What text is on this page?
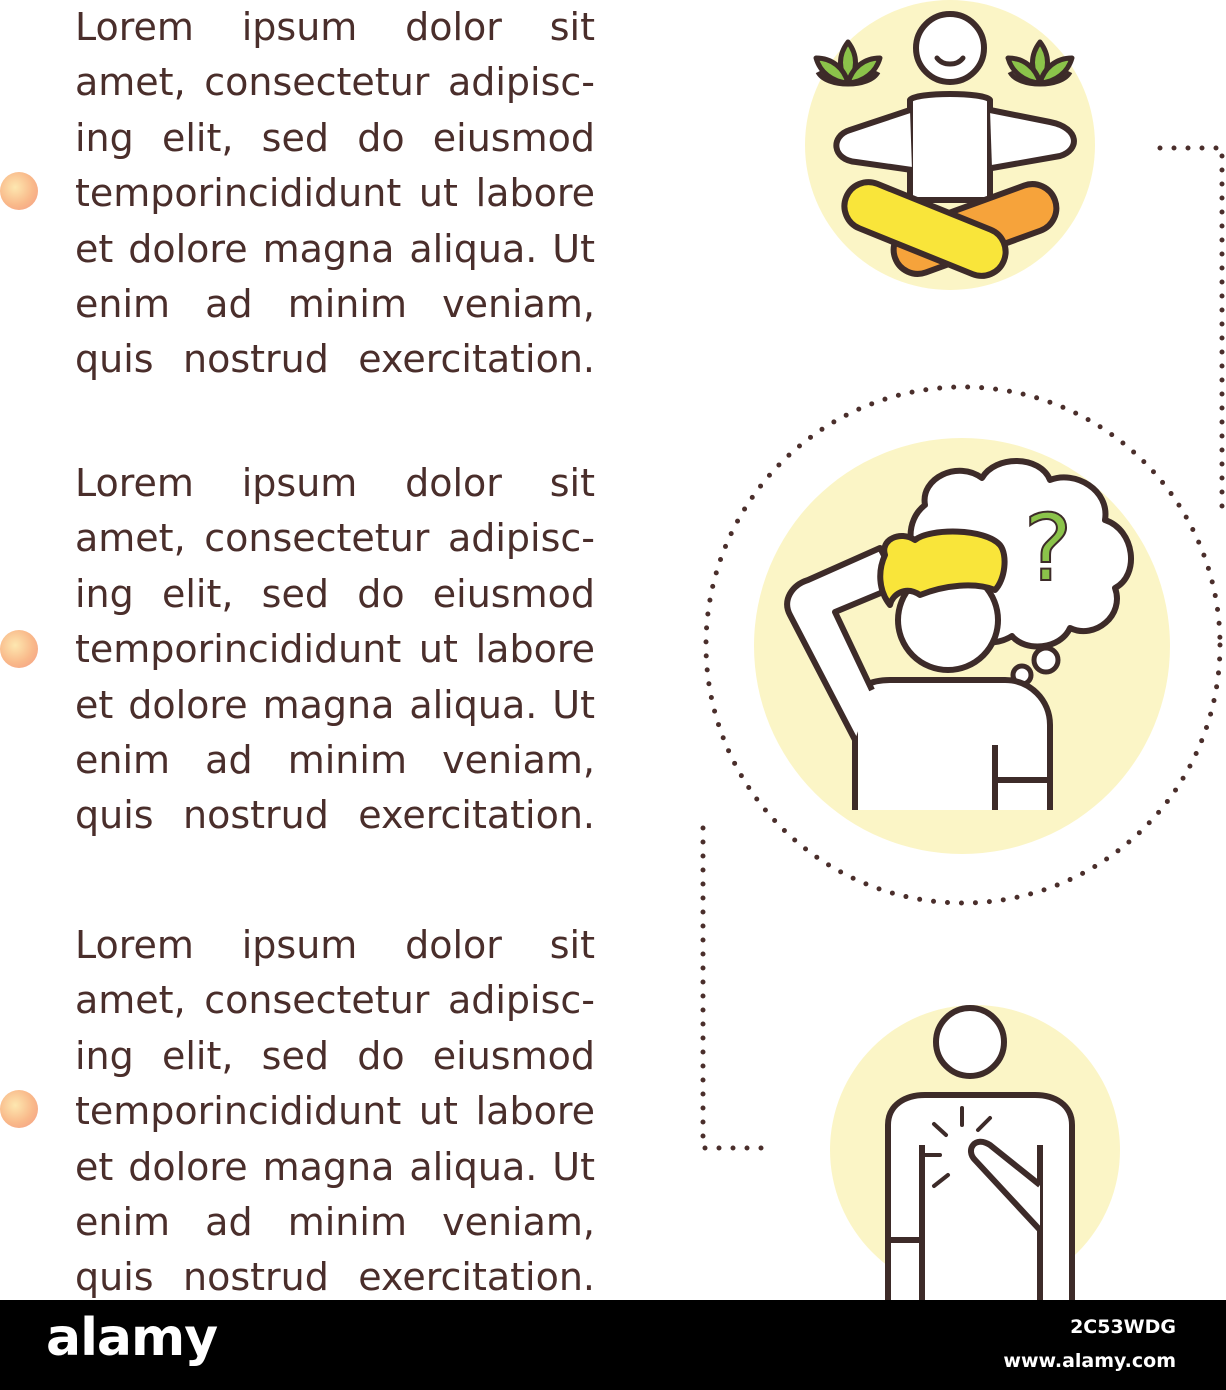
Lorem ipsum dolor sit amet, consectetur adipisc-ing elit, sed do eiusmod temporincididunt ut labore et dolore magna aliqua. Ut enim ad minim veniam, quis nostrud exercitation.

Lorem ipsum dolor sit amet, consectetur adipisc-ing elit, sed do eiusmod temporincididunt ut labore et dolore magna aliqua. Ut enim ad minim veniam, quis nostrud exercitation.

Lorem ipsum dolor sit amet, consectetur adipisc-ing elit, sed do eiusmod temporincididunt ut labore et dolore magna aliqua. Ut enim ad minim veniam, quis nostrud exercitation.

?
alamy	2C53WDG
www.alamy.com
